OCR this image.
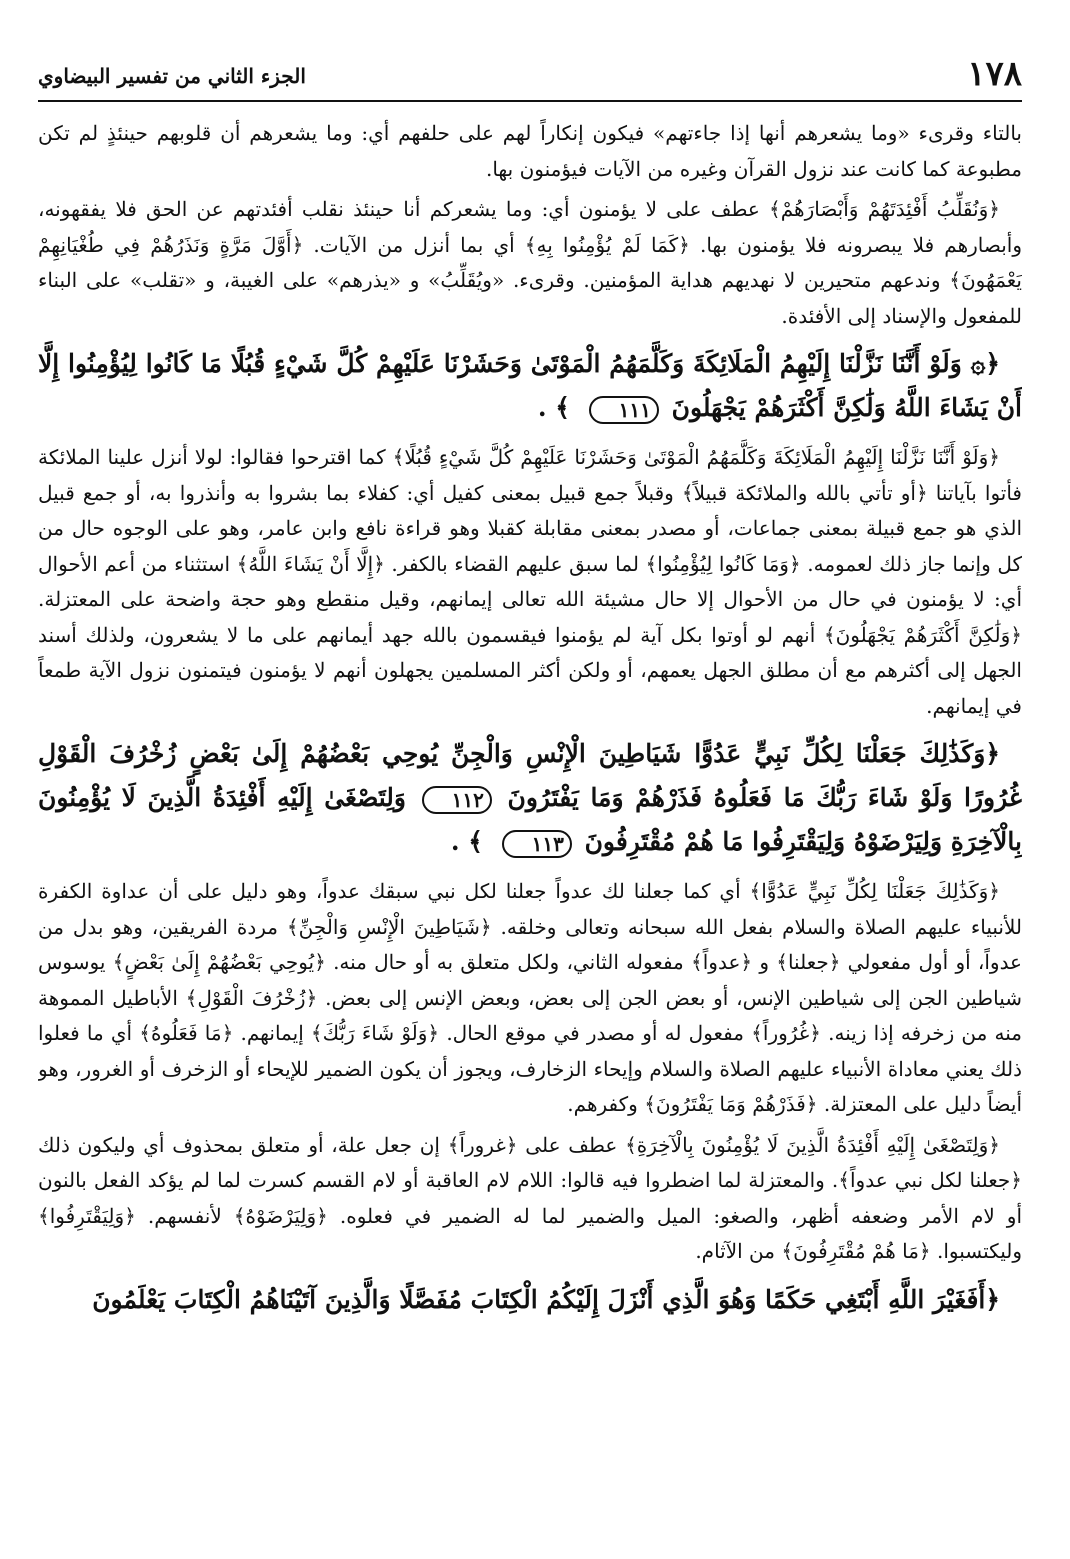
١٧٨
الجزء الثاني من تفسير البيضاوي

بالتاء وقرىء «وما يشعرهم أنها إذا جاءتهم» فيكون إنكاراً لهم على حلفهم أي: وما يشعرهم أن قلوبهم حينئذٍ لم تكن مطبوعة كما كانت عند نزول القرآن وغيره من الآيات فيؤمنون بها.

﴿وَنُقَلِّبُ أَفْئِدَتَهُمْ وَأَبْصَارَهُمْ﴾ عطف على لا يؤمنون أي: وما يشعركم أنا حينئذ نقلب أفئدتهم عن الحق فلا يفقهونه، وأبصارهم فلا يبصرونه فلا يؤمنون بها. ﴿كَمَا لَمْ يُؤْمِنُوا بِهِ﴾ أي بما أنزل من الآيات. ﴿أَوَّلَ مَرَّةٍ وَنَذَرُهُمْ فِي طُغْيَانِهِمْ يَعْمَهُونَ﴾ وندعهم متحيرين لا نهديهم هداية المؤمنين. وقرىء. «ويُقَلِّبُ» و «يذرهم» على الغيبة، و «تقلب» على البناء للمفعول والإسناد إلى الأفئدة.

﴿۞ وَلَوْ أَنَّنَا نَزَّلْنَا إِلَيْهِمُ الْمَلَائِكَةَ وَكَلَّمَهُمُ الْمَوْتَىٰ وَحَشَرْنَا عَلَيْهِمْ كُلَّ شَيْءٍ قُبُلًا مَا كَانُوا لِيُؤْمِنُوا إِلَّا أَنْ يَشَاءَ اللَّهُ وَلَٰكِنَّ أَكْثَرَهُمْ يَجْهَلُونَ ١١١ ﴾ .

﴿وَلَوْ أَنَّنَا نَزَّلْنَا إِلَيْهِمُ الْمَلَائِكَةَ وَكَلَّمَهُمُ الْمَوْتَىٰ وَحَشَرْنَا عَلَيْهِمْ كُلَّ شَيْءٍ قُبُلًا﴾ كما اقترحوا فقالوا: لولا أنزل علينا الملائكة فأتوا بآياتنا ﴿أو تأتي بالله والملائكة قبيلاً﴾ وقبلاً جمع قبيل بمعنى كفيل أي: كفلاء بما بشروا به وأنذروا به، أو جمع قبيل الذي هو جمع قبيلة بمعنى جماعات، أو مصدر بمعنى مقابلة كقبلا وهو قراءة نافع وابن عامر، وهو على الوجوه حال من كل وإنما جاز ذلك لعمومه. ﴿وَمَا كَانُوا لِيُؤْمِنُوا﴾ لما سبق عليهم القضاء بالكفر. ﴿إِلَّا أَنْ يَشَاءَ اللَّهُ﴾ استثناء من أعم الأحوال أي: لا يؤمنون في حال من الأحوال إلا حال مشيئة الله تعالى إيمانهم، وقيل منقطع وهو حجة واضحة على المعتزلة. ﴿وَلَٰكِنَّ أَكْثَرَهُمْ يَجْهَلُونَ﴾ أنهم لو أوتوا بكل آية لم يؤمنوا فيقسمون بالله جهد أيمانهم على ما لا يشعرون، ولذلك أسند الجهل إلى أكثرهم مع أن مطلق الجهل يعمهم، أو ولكن أكثر المسلمين يجهلون أنهم لا يؤمنون فيتمنون نزول الآية طمعاً في إيمانهم.

﴿وَكَذَٰلِكَ جَعَلْنَا لِكُلِّ نَبِيٍّ عَدُوًّا شَيَاطِينَ الْإِنْسِ وَالْجِنِّ يُوحِي بَعْضُهُمْ إِلَىٰ بَعْضٍ زُخْرُفَ الْقَوْلِ غُرُورًا وَلَوْ شَاءَ رَبُّكَ مَا فَعَلُوهُ فَذَرْهُمْ وَمَا يَفْتَرُونَ ١١٢ وَلِتَصْغَىٰ إِلَيْهِ أَفْئِدَةُ الَّذِينَ لَا يُؤْمِنُونَ بِالْآخِرَةِ وَلِيَرْضَوْهُ وَلِيَقْتَرِفُوا مَا هُمْ مُقْتَرِفُونَ ١١٣ ﴾ .

﴿وَكَذَٰلِكَ جَعَلْنَا لِكُلِّ نَبِيٍّ عَدُوًّا﴾ أي كما جعلنا لك عدواً جعلنا لكل نبي سبقك عدواً، وهو دليل على أن عداوة الكفرة للأنبياء عليهم الصلاة والسلام بفعل الله سبحانه وتعالى وخلقه. ﴿شَيَاطِينَ الْإِنْسِ وَالْجِنِّ﴾ مردة الفريقين، وهو بدل من عدواً، أو أول مفعولي ﴿جعلنا﴾ و ﴿عدواً﴾ مفعوله الثاني، ولكل متعلق به أو حال منه. ﴿يُوحِي بَعْضُهُمْ إِلَىٰ بَعْضٍ﴾ يوسوس شياطين الجن إلى شياطين الإنس، أو بعض الجن إلى بعض، وبعض الإنس إلى بعض. ﴿زُخْرُفَ الْقَوْلِ﴾ الأباطيل المموهة منه من زخرفه إذا زينه. ﴿غُرُوراً﴾ مفعول له أو مصدر في موقع الحال. ﴿وَلَوْ شَاءَ رَبُّكَ﴾ إيمانهم. ﴿مَا فَعَلُوهُ﴾ أي ما فعلوا ذلك يعني معاداة الأنبياء عليهم الصلاة والسلام وإيحاء الزخارف، ويجوز أن يكون الضمير للإيحاء أو الزخرف أو الغرور، وهو أيضاً دليل على المعتزلة. ﴿فَذَرْهُمْ وَمَا يَفْتَرُونَ﴾ وكفرهم.

﴿وَلِتَصْغَىٰ إِلَيْهِ أَفْئِدَةُ الَّذِينَ لَا يُؤْمِنُونَ بِالْآخِرَةِ﴾ عطف على ﴿غروراً﴾ إن جعل علة، أو متعلق بمحذوف أي وليكون ذلك ﴿جعلنا لكل نبي عدواً﴾. والمعتزلة لما اضطروا فيه قالوا: اللام لام العاقبة أو لام القسم كسرت لما لم يؤكد الفعل بالنون أو لام الأمر وضعفه أظهر، والصغو: الميل والضمير لما له الضمير في فعلوه. ﴿وَلِيَرْضَوْهُ﴾ لأنفسهم. ﴿وَلِيَقْتَرِفُوا﴾ وليكتسبوا. ﴿مَا هُمْ مُقْتَرِفُونَ﴾ من الآثام.

﴿أَفَغَيْرَ اللَّهِ أَبْتَغِي حَكَمًا وَهُوَ الَّذِي أَنْزَلَ إِلَيْكُمُ الْكِتَابَ مُفَصَّلًا وَالَّذِينَ آتَيْنَاهُمُ الْكِتَابَ يَعْلَمُونَ
